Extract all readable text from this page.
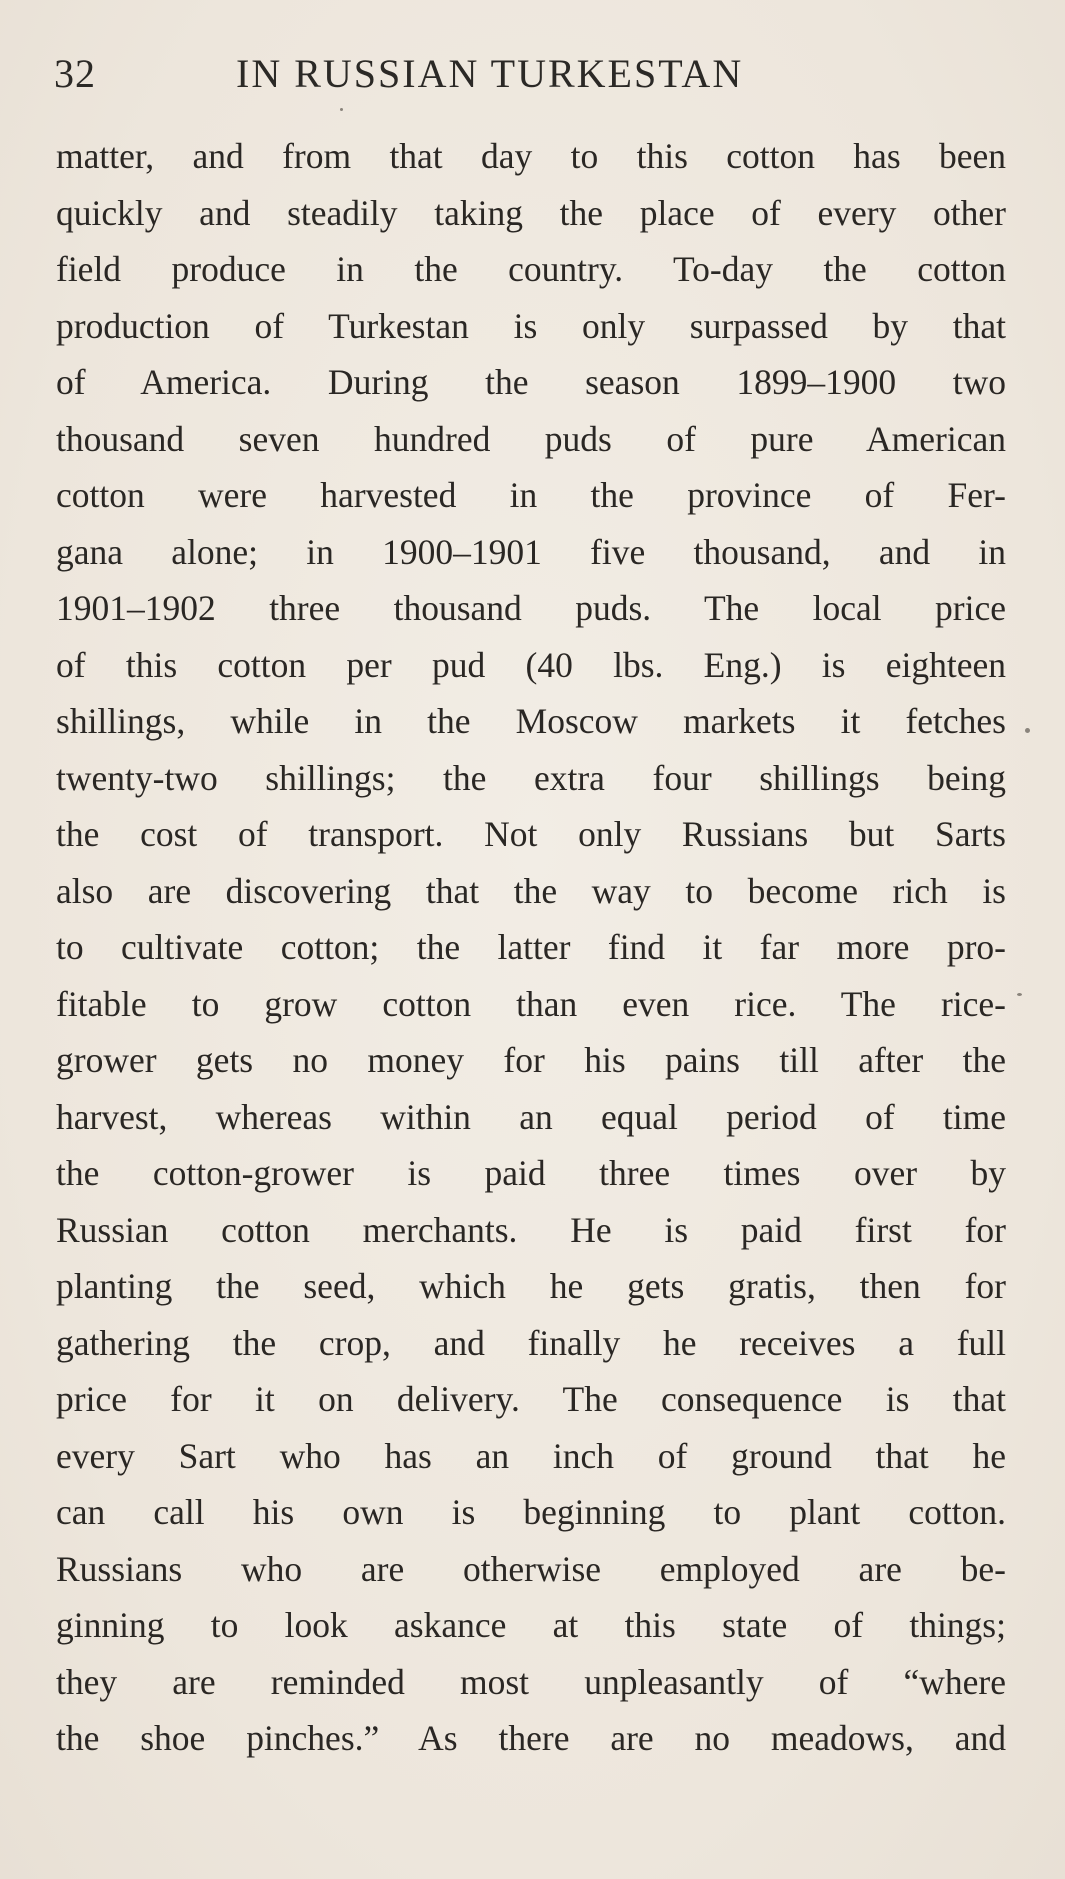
32	IN RUSSIAN TURKESTAN
matter, and from that day to this cotton has been
quickly and steadily taking the place of every other
field produce in the country. To-day the cotton
production of Turkestan is only surpassed by that
of America. During the season 1899–1900 two
thousand seven hundred puds of pure American
cotton were harvested in the province of Fer-
gana alone; in 1900–1901 five thousand, and in
1901–1902 three thousand puds. The local price
of this cotton per pud (40 lbs. Eng.) is eighteen
shillings, while in the Moscow markets it fetches
twenty-two shillings; the extra four shillings being
the cost of transport. Not only Russians but Sarts
also are discovering that the way to become rich is
to cultivate cotton; the latter find it far more pro-
fitable to grow cotton than even rice. The rice-
grower gets no money for his pains till after the
harvest, whereas within an equal period of time
the cotton-grower is paid three times over by
Russian cotton merchants. He is paid first for
planting the seed, which he gets gratis, then for
gathering the crop, and finally he receives a full
price for it on delivery. The consequence is that
every Sart who has an inch of ground that he
can call his own is beginning to plant cotton.
Russians who are otherwise employed are be-
ginning to look askance at this state of things;
they are reminded most unpleasantly of “where
the shoe pinches.” As there are no meadows, and
